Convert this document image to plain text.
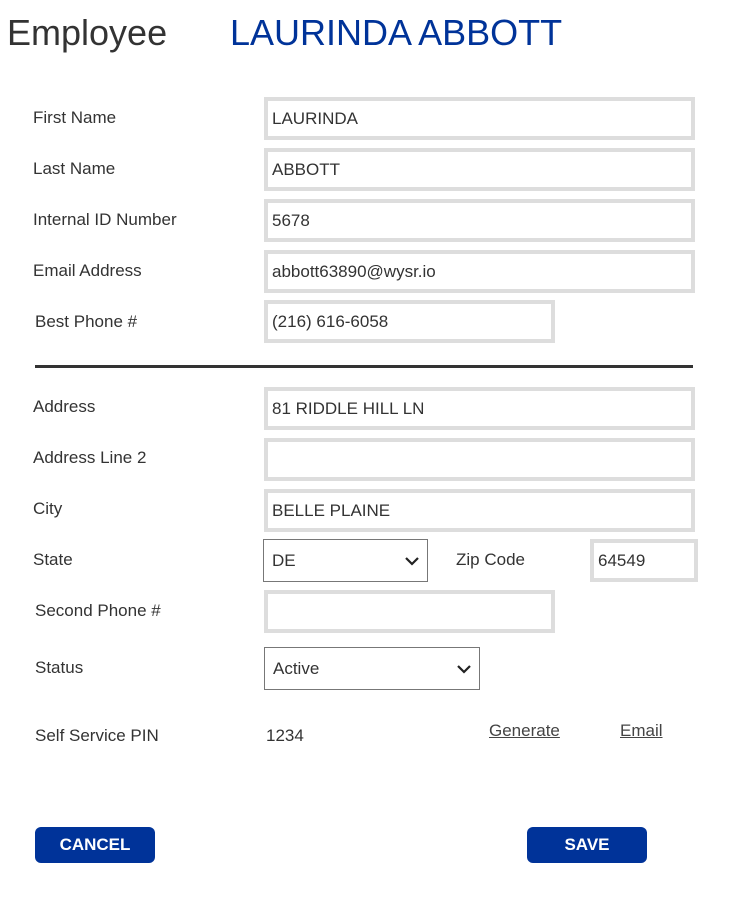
Employee LAURINDA ABBOTT
First Name	LAURINDA
Last Name	ABBOTT
Internal ID Number	5678
Email Address	abbott63890@wysr.io
Best Phone #	(216) 616-6058
Address	81 RIDDLE HILL LN
Address Line 2
City	BELLE PLAINE
State	DE	Zip Code	64549
Second Phone #
Status	Active
Self Service PIN	1234	Generate	Email
CANCEL	SAVE
